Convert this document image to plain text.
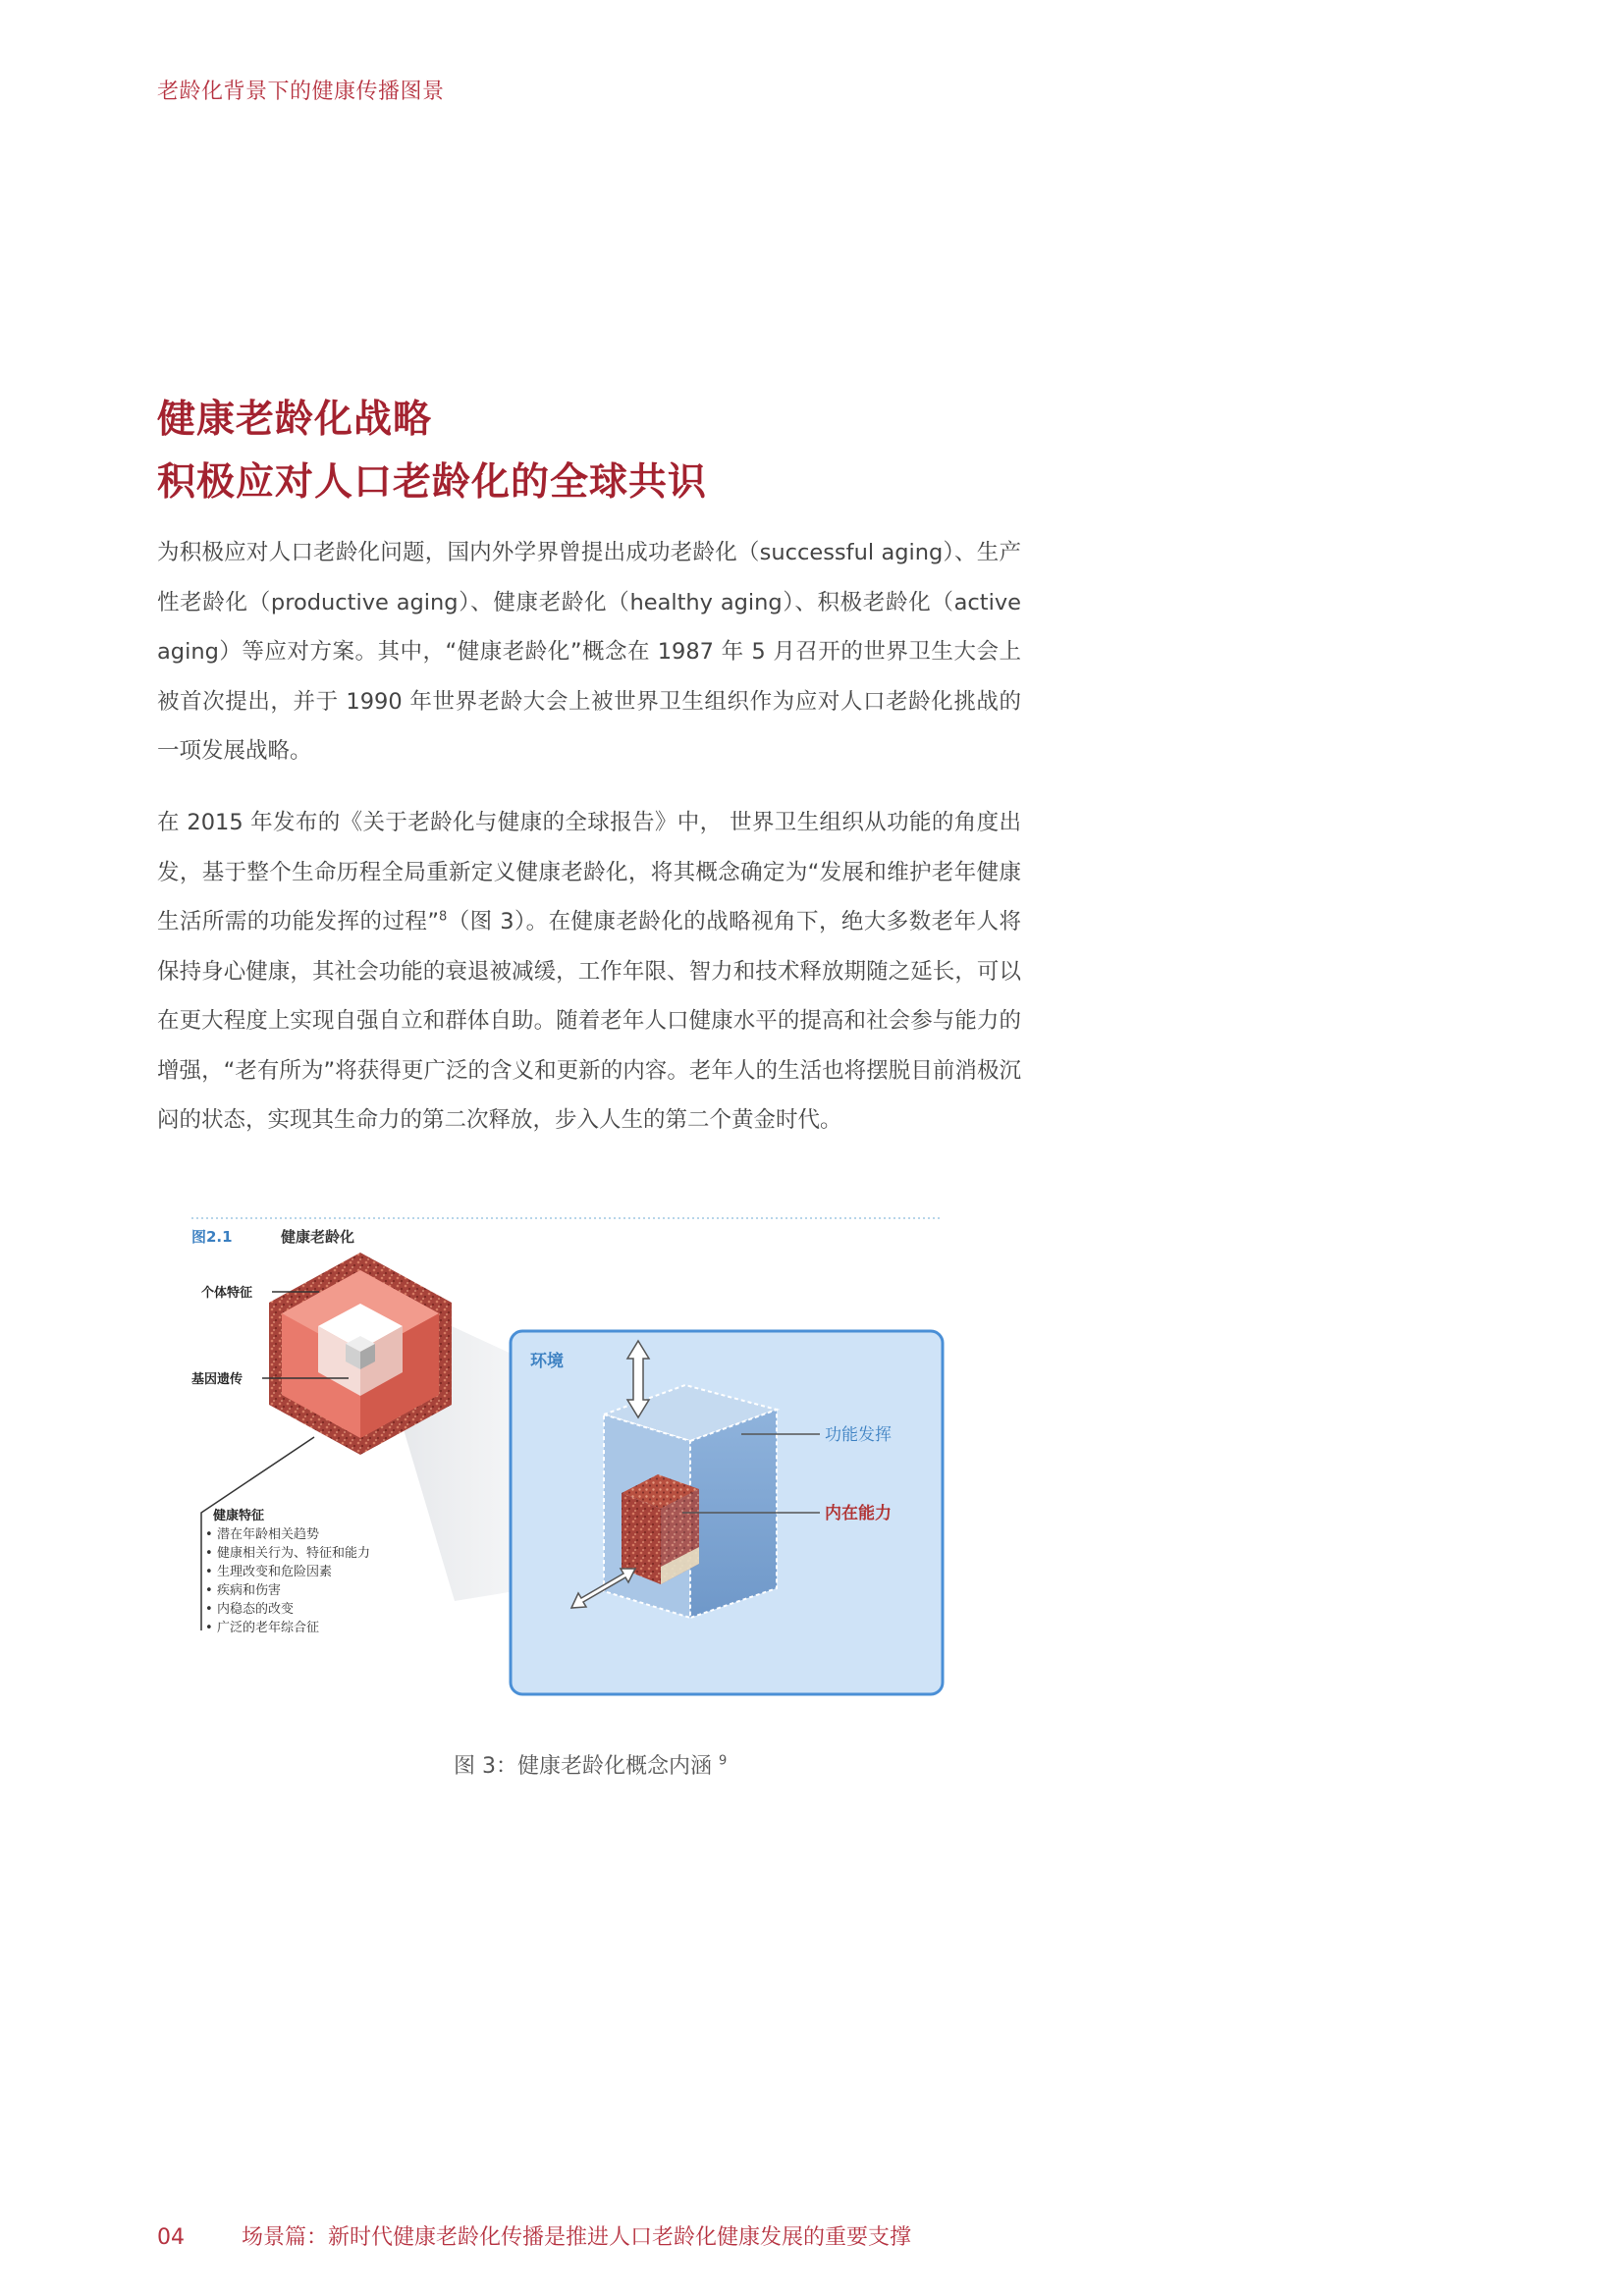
老龄化背景下的健康传播图景
健康老龄化战略
积极应对人口老龄化的全球共识

为积极应对人口老龄化问题，国内外学界曾提出成功老龄化（successful aging）、生产性老龄化（productive aging）、健康老龄化（healthy aging）、积极老龄化（active aging）等应对方案。其中，“健康老龄化”概念在 1987 年 5 月召开的世界卫生大会上被首次提出，并于 1990 年世界老龄大会上被世界卫生组织作为应对人口老龄化挑战的一项发展战略。

在 2015 年发布的《关于老龄化与健康的全球报告》中， 世界卫生组织从功能的角度出发，基于整个生命历程全局重新定义健康老龄化，将其概念确定为“发展和维护老年健康生活所需的功能发挥的过程”$^8$（图 3）。在健康老龄化的战略视角下，绝大多数老年人将保持身心健康，其社会功能的衰退被减缓，工作年限、智力和技术释放期随之延长，可以在更大程度上实现自强自立和群体自助。随着老年人口健康水平的提高和社会参与能力的增强，“老有所为”将获得更广泛的含义和更新的内容。老年人的生活也将摆脱目前消极沉闷的状态，实现其生命力的第二次释放，步入人生的第二个黄金时代。

图2.1	健康老龄化
环境
功能发挥
内在能力
个体特征
基因遗传
健康特征
• 潜在年龄相关趋势
• 健康相关行为、特征和能力
• 生理改变和危险因素
• 疾病和伤害
• 内稳态的改变
• 广泛的老年综合征

图 3：健康老龄化概念内涵 $^9$

04	场景篇：新时代健康老龄化传播是推进人口老龄化健康发展的重要支撑
